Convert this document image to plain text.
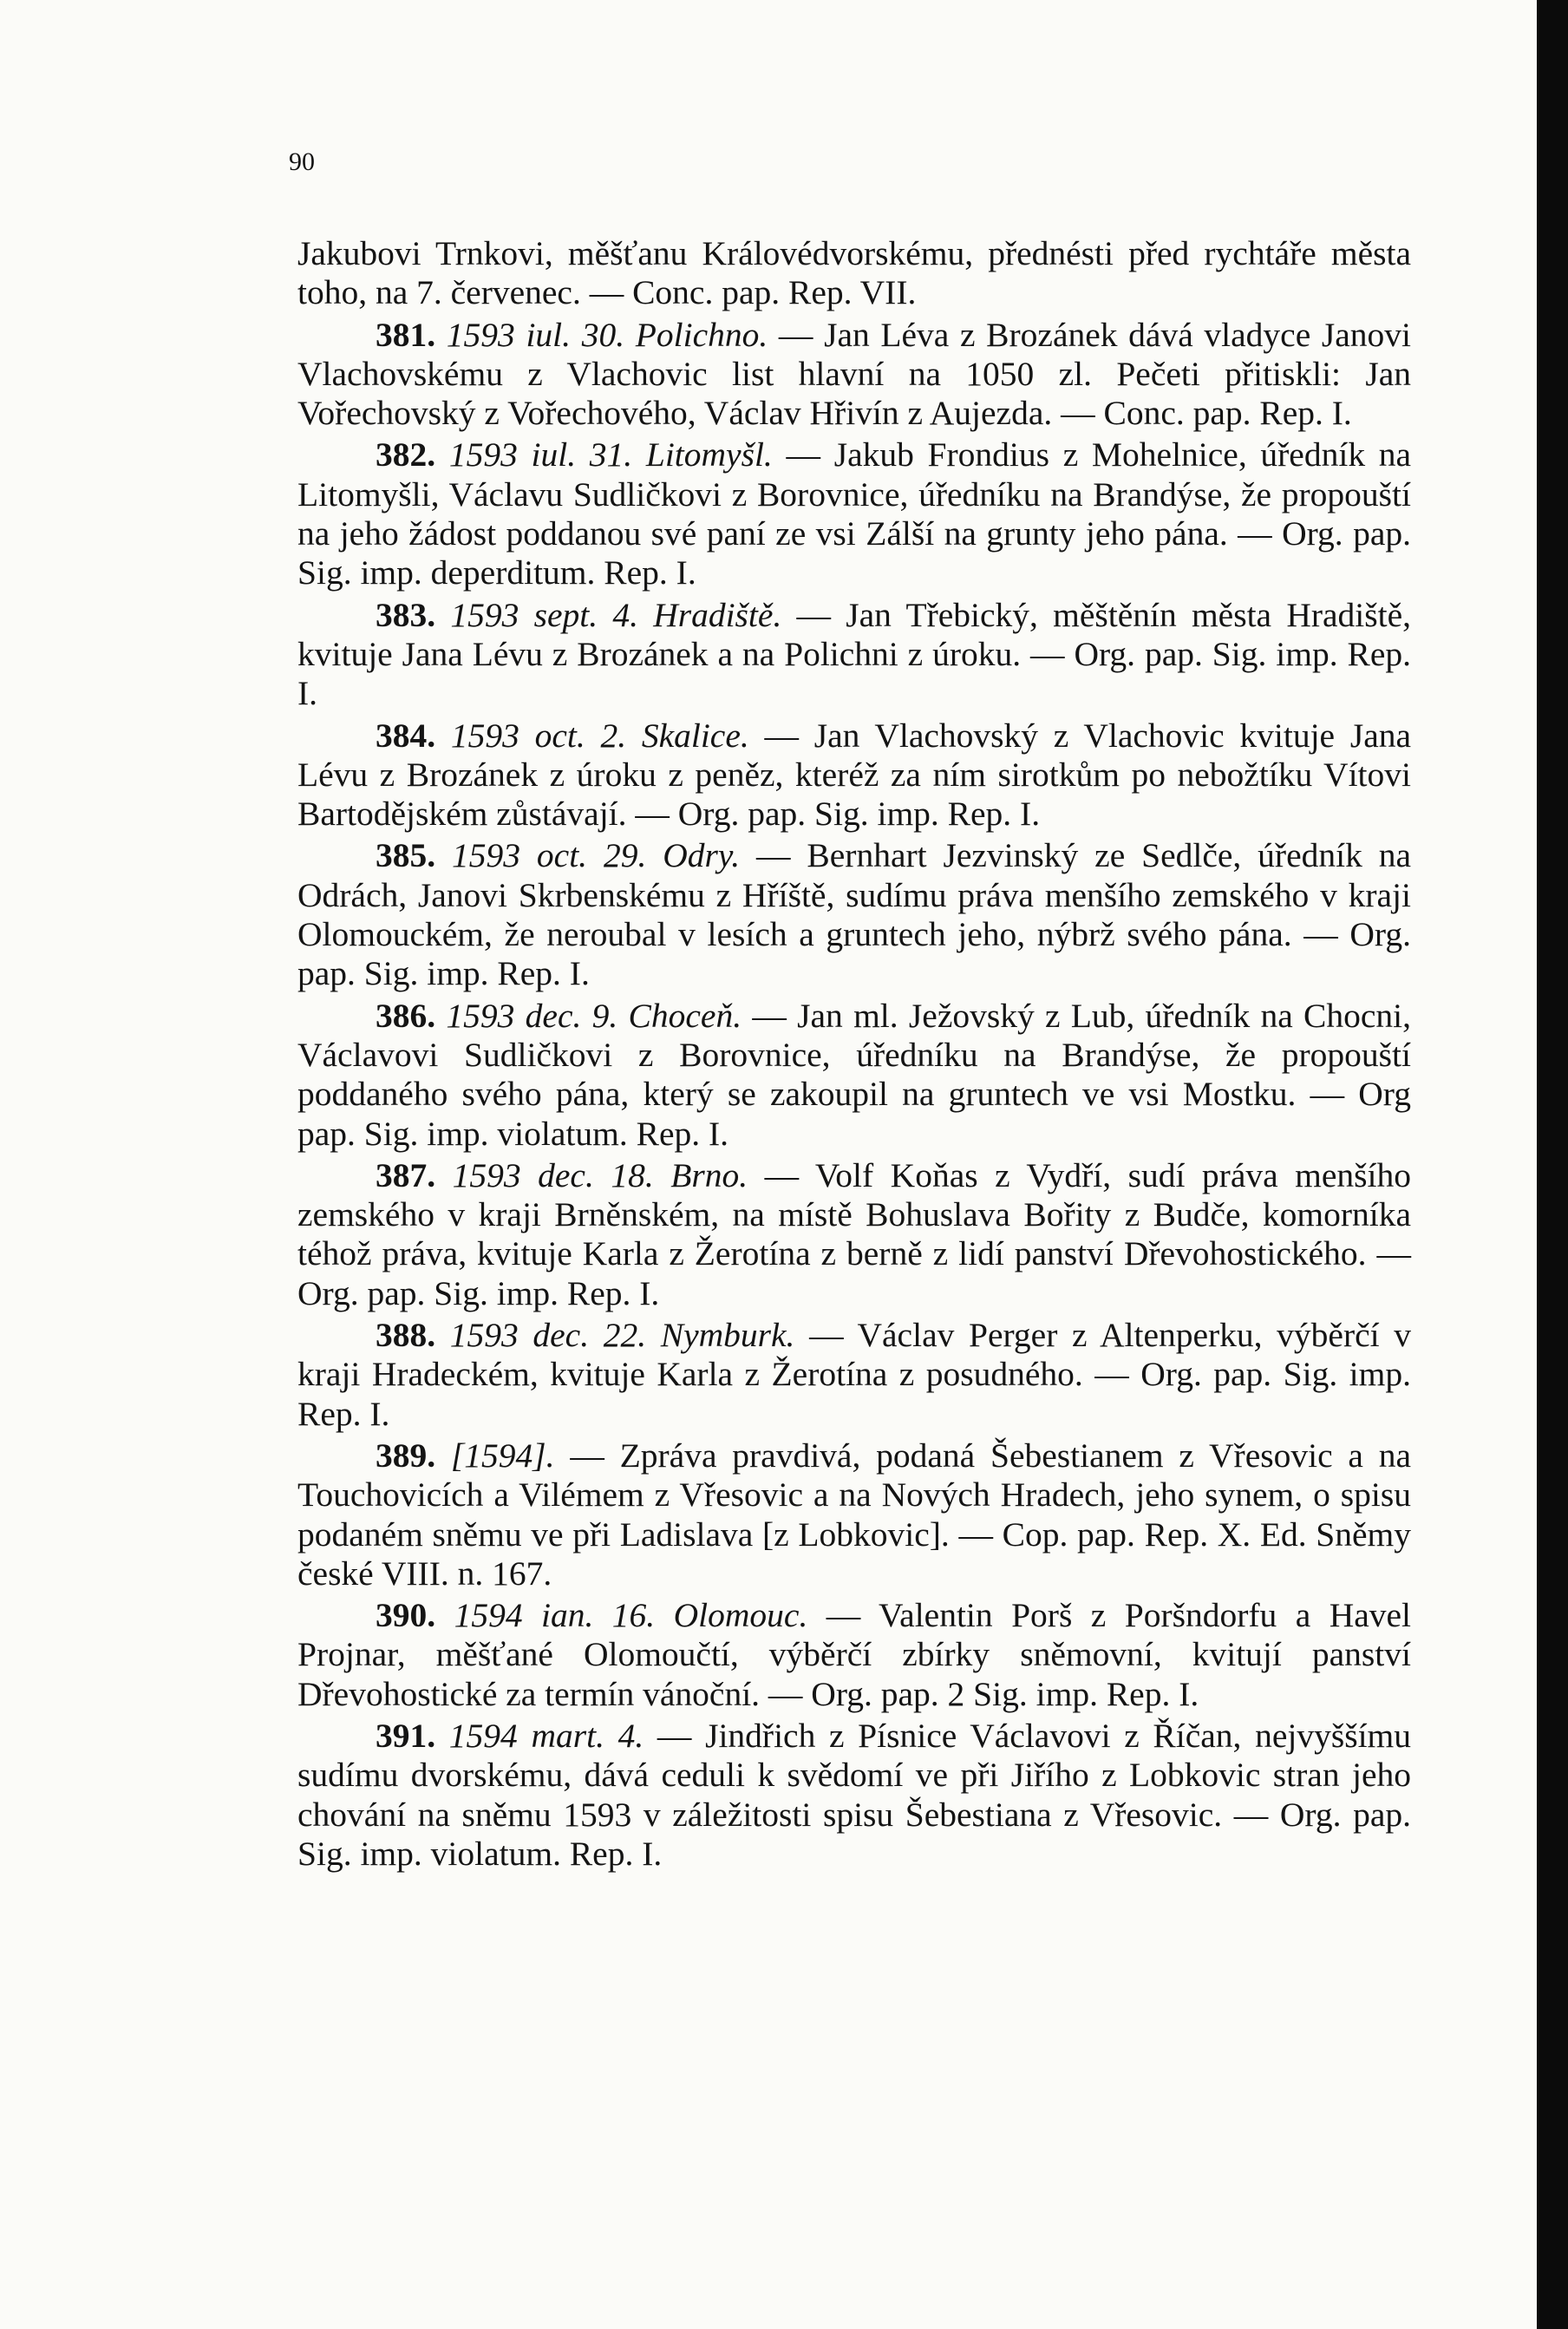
90

Jakubovi Trnkovi, měšťanu Královédvorskému, přednésti před rychtáře města toho, na 7. červenec. — Conc. pap. Rep. VII.

381. 1593 iul. 30. Polichno. — Jan Léva z Brozánek dává vladyce Janovi Vlachovskému z Vlachovic list hlavní na 1050 zl. Pečeti přitiskli: Jan Vořechovský z Vořechového, Václav Hřivín z Aujezda. — Conc. pap. Rep. I.

382. 1593 iul. 31. Litomyšl. — Jakub Frondius z Mohelnice, úředník na Litomyšli, Václavu Sudličkovi z Borovnice, úředníku na Brandýse, že propouští na jeho žádost poddanou své paní ze vsi Zálší na grunty jeho pána. — Org. pap. Sig. imp. deperditum. Rep. I.

383. 1593 sept. 4. Hradiště. — Jan Třebický, měštěnín města Hradiště, kvituje Jana Lévu z Brozánek a na Polichni z úroku. — Org. pap. Sig. imp. Rep. I.

384. 1593 oct. 2. Skalice. — Jan Vlachovský z Vlachovic kvituje Jana Lévu z Brozánek z úroku z peněz, kteréž za ním sirotkům po nebožtíku Vítovi Bartodějském zůstávají. — Org. pap. Sig. imp. Rep. I.

385. 1593 oct. 29. Odry. — Bernhart Jezvinský ze Sedlče, úředník na Odrách, Janovi Skrbenskému z Hříště, sudímu práva menšího zemského v kraji Olomouckém, že neroubal v lesích a gruntech jeho, nýbrž svého pána. — Org. pap. Sig. imp. Rep. I.

386. 1593 dec. 9. Choceň. — Jan ml. Ježovský z Lub, úředník na Chocni, Václavovi Sudličkovi z Borovnice, úředníku na Brandýse, že propouští poddaného svého pána, který se zakoupil na gruntech ve vsi Mostku. — Org pap. Sig. imp. violatum. Rep. I.

387. 1593 dec. 18. Brno. — Volf Koňas z Vydří, sudí práva menšího zemského v kraji Brněnském, na místě Bohuslava Bořity z Budče, komorníka téhož práva, kvituje Karla z Žerotína z berně z lidí panství Dřevohostického. — Org. pap. Sig. imp. Rep. I.

388. 1593 dec. 22. Nymburk. — Václav Perger z Altenperku, výběrčí v kraji Hradeckém, kvituje Karla z Žerotína z posudného. — Org. pap. Sig. imp. Rep. I.

389. [1594]. — Zpráva pravdivá, podaná Šebestianem z Vřesovic a na Touchovicích a Vilémem z Vřesovic a na Nových Hradech, jeho synem, o spisu podaném sněmu ve při Ladislava [z Lobkovic]. — Cop. pap. Rep. X. Ed. Sněmy české VIII. n. 167.

390. 1594 ian. 16. Olomouc. — Valentin Porš z Poršndorfu a Havel Projnar, měšťané Olomoučtí, výběrčí zbírky sněmovní, kvitují panství Dřevohostické za termín vánoční. — Org. pap. 2 Sig. imp. Rep. I.

391. 1594 mart. 4. — Jindřich z Písnice Václavovi z Říčan, nejvyššímu sudímu dvorskému, dává ceduli k svědomí ve při Jiřího z Lobkovic stran jeho chování na sněmu 1593 v záležitosti spisu Šebestiana z Vřesovic. — Org. pap. Sig. imp. violatum. Rep. I.
